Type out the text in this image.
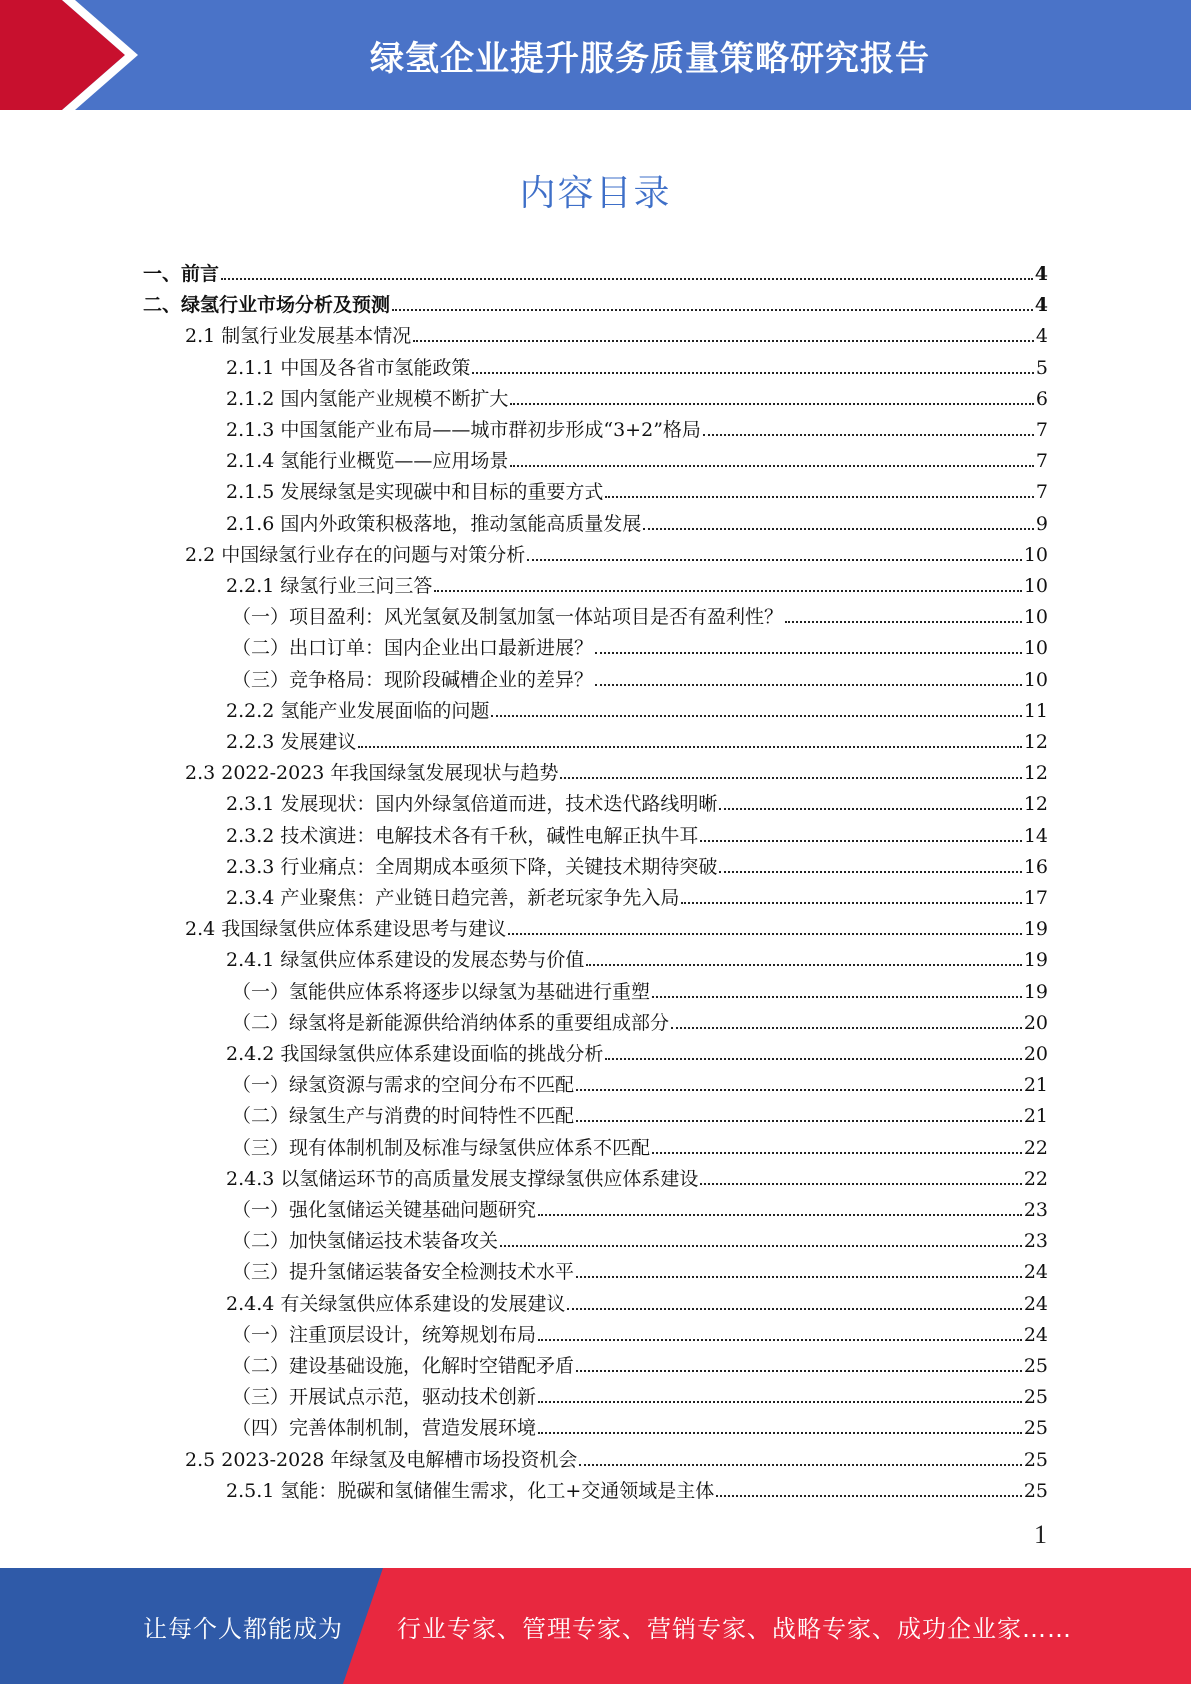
绿氢企业提升服务质量策略研究报告
内容目录
一、前言	4
二、绿氢行业市场分析及预测	4
2.1 制氢行业发展基本情况	4
2.1.1 中国及各省市氢能政策	5
2.1.2 国内氢能产业规模不断扩大	6
2.1.3 中国氢能产业布局——城市群初步形成“3+2”格局	7
2.1.4 氢能行业概览——应用场景	7
2.1.5 发展绿氢是实现碳中和目标的重要方式	7
2.1.6 国内外政策积极落地，推动氢能高质量发展	9
2.2 中国绿氢行业存在的问题与对策分析	10
2.2.1 绿氢行业三问三答	10
（一）项目盈利：风光氢氨及制氢加氢一体站项目是否有盈利性？	10
（二）出口订单：国内企业出口最新进展？	10
（三）竞争格局：现阶段碱槽企业的差异？	10
2.2.2 氢能产业发展面临的问题	11
2.2.3 发展建议	12
2.3 2022-2023 年我国绿氢发展现状与趋势	12
2.3.1 发展现状：国内外绿氢倍道而进，技术迭代路线明晰	12
2.3.2 技术演进：电解技术各有千秋，碱性电解正执牛耳	14
2.3.3 行业痛点：全周期成本亟须下降，关键技术期待突破	16
2.3.4 产业聚焦：产业链日趋完善，新老玩家争先入局	17
2.4 我国绿氢供应体系建设思考与建议	19
2.4.1 绿氢供应体系建设的发展态势与价值	19
（一）氢能供应体系将逐步以绿氢为基础进行重塑	19
（二）绿氢将是新能源供给消纳体系的重要组成部分	20
2.4.2 我国绿氢供应体系建设面临的挑战分析	20
（一）绿氢资源与需求的空间分布不匹配	21
（二）绿氢生产与消费的时间特性不匹配	21
（三）现有体制机制及标准与绿氢供应体系不匹配	22
2.4.3 以氢储运环节的高质量发展支撑绿氢供应体系建设	22
（一）强化氢储运关键基础问题研究	23
（二）加快氢储运技术装备攻关	23
（三）提升氢储运装备安全检测技术水平	24
2.4.4 有关绿氢供应体系建设的发展建议	24
（一）注重顶层设计，统筹规划布局	24
（二）建设基础设施，化解时空错配矛盾	25
（三）开展试点示范，驱动技术创新	25
（四）完善体制机制，营造发展环境	25
2.5 2023-2028 年绿氢及电解槽市场投资机会	25
2.5.1 氢能：脱碳和氢储催生需求，化工+交通领域是主体	25
1
让每个人都能成为 行业专家、管理专家、营销专家、战略专家、成功企业家……
